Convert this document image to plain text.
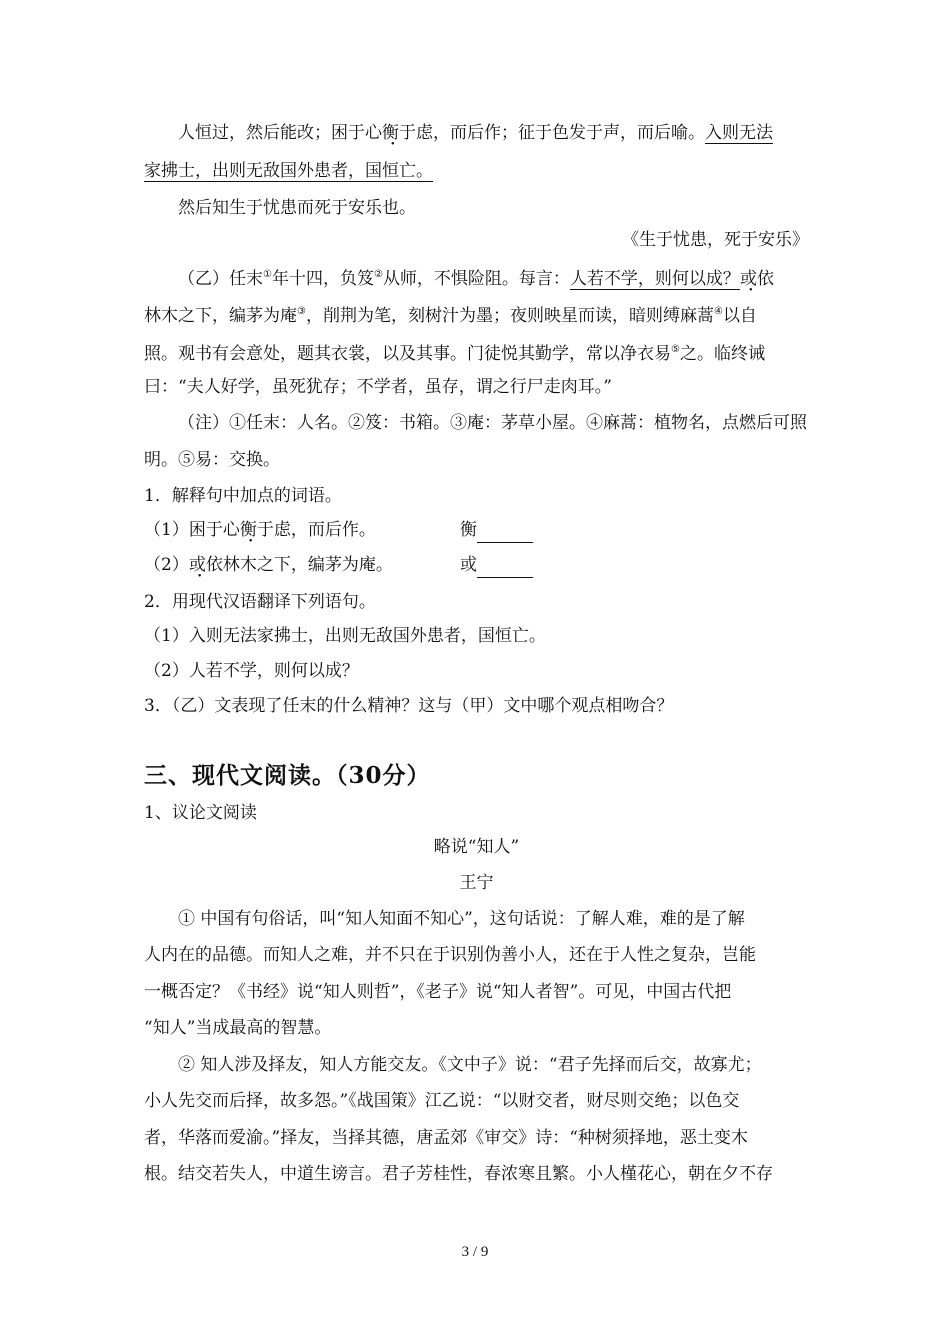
人恒过，然后能改；困于心衡于虑，而后作；征于色发于声，而后喻。入则无法
家拂士，出则无敌国外患者，国恒亡。
然后知生于忧患而死于安乐也。
《生于忧患，死于安乐》
（乙）任末①年十四，负笈②从师，不惧险阻。每言：人若不学，则何以成？或依
林木之下，编茅为庵③，削荆为笔，刻树汁为墨；夜则映星而读，暗则缚麻蒿④以自
照。观书有会意处，题其衣裳，以及其事。门徒悦其勤学，常以净衣易⑤之。临终诫
曰：“夫人好学，虽死犹存；不学者，虽存，谓之行尸走肉耳。”
（注）①任末：人名。②笈：书箱。③庵：茅草小屋。④麻蒿：植物名，点燃后可照
明。⑤易：交换。
1．解释句中加点的词语。
（1）困于心衡于虑，而后作。	衡
（2）或依林木之下，编茅为庵。	或
2．用现代汉语翻译下列语句。
（1）入则无法家拂士，出则无敌国外患者，国恒亡。
（2）人若不学，则何以成？
3．（乙）文表现了任末的什么精神？这与（甲）文中哪个观点相吻合？
三、现代文阅读。（30分）
1、议论文阅读
略说“知人”
王宁
① 中国有句俗话，叫“知人知面不知心”，这句话说：了解人难，难的是了解
人内在的品德。而知人之难，并不只在于识别伪善小人，还在于人性之复杂，岂能
一概否定？《书经》说“知人则哲”，《老子》说“知人者智”。可见，中国古代把
“知人”当成最高的智慧。
② 知人涉及择友，知人方能交友。《文中子》说：“君子先择而后交，故寡尤；
小人先交而后择，故多怨。”《战国策》江乙说：“以财交者，财尽则交绝；以色交
者，华落而爱渝。”择友，当择其德，唐孟郊《审交》诗：“种树须择地，恶土变木
根。结交若失人，中道生谤言。君子芳桂性，春浓寒且繁。小人槿花心，朝在夕不存
3 / 9
